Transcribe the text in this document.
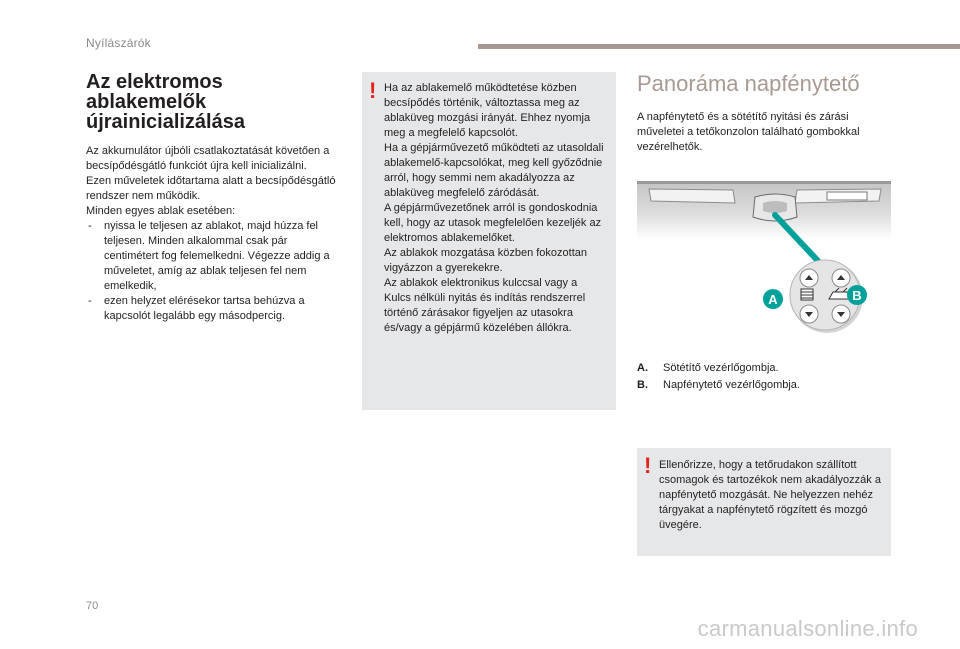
Nyílászárók
Az elektromos ablakemelők újrainicializálása

Az akkumulátor újbóli csatlakoztatását követően a becsípődésgátló funkciót újra kell inicializálni.

Ezen műveletek időtartama alatt a becsípődésgátló rendszer nem működik.

Minden egyes ablak esetében:

- nyissa le teljesen az ablakot, majd húzza fel teljesen. Minden alkalommal csak pár centimétert fog felemelkedni. Végezze addig a műveletet, amíg az ablak teljesen fel nem emelkedik,
- ezen helyzet elérésekor tartsa behúzva a kapcsolót legalább egy másodpercig.
! Ha az ablakemelő működtetése közben becsípődés történik, változtassa meg az ablaküveg mozgási irányát. Ehhez nyomja meg a megfelelő kapcsolót.
Ha a gépjárművezető működteti az utasoldali ablakemelő-kapcsolókat, meg kell győződnie arról, hogy semmi nem akadályozza az ablaküveg megfelelő záródását.
A gépjárművezetőnek arról is gondoskodnia kell, hogy az utasok megfelelően kezeljék az elektromos ablakemelőket.
Az ablakok mozgatása közben fokozottan vigyázzon a gyerekekre.
Az ablakok elektronikus kulccsal vagy a Kulcs nélküli nyitás és indítás rendszerrel történő zárásakor figyeljen az utasokra és/vagy a gépjármű közelében állókra.
Panoráma napfénytető
A napfénytető és a sötétítő nyitási és zárási műveletei a tetőkonzolon található gombokkal vezérelhetők.
A	B
A. Sötétítő vezérlőgombja.
B. Napfénytető vezérlőgombja.
! Ellenőrizze, hogy a tetőrudakon szállított csomagok és tartozékok nem akadályozzák a napfénytető mozgását. Ne helyezzen nehéz tárgyakat a napfénytető rögzített és mozgó üvegére.
70
carmanualsonline.info
